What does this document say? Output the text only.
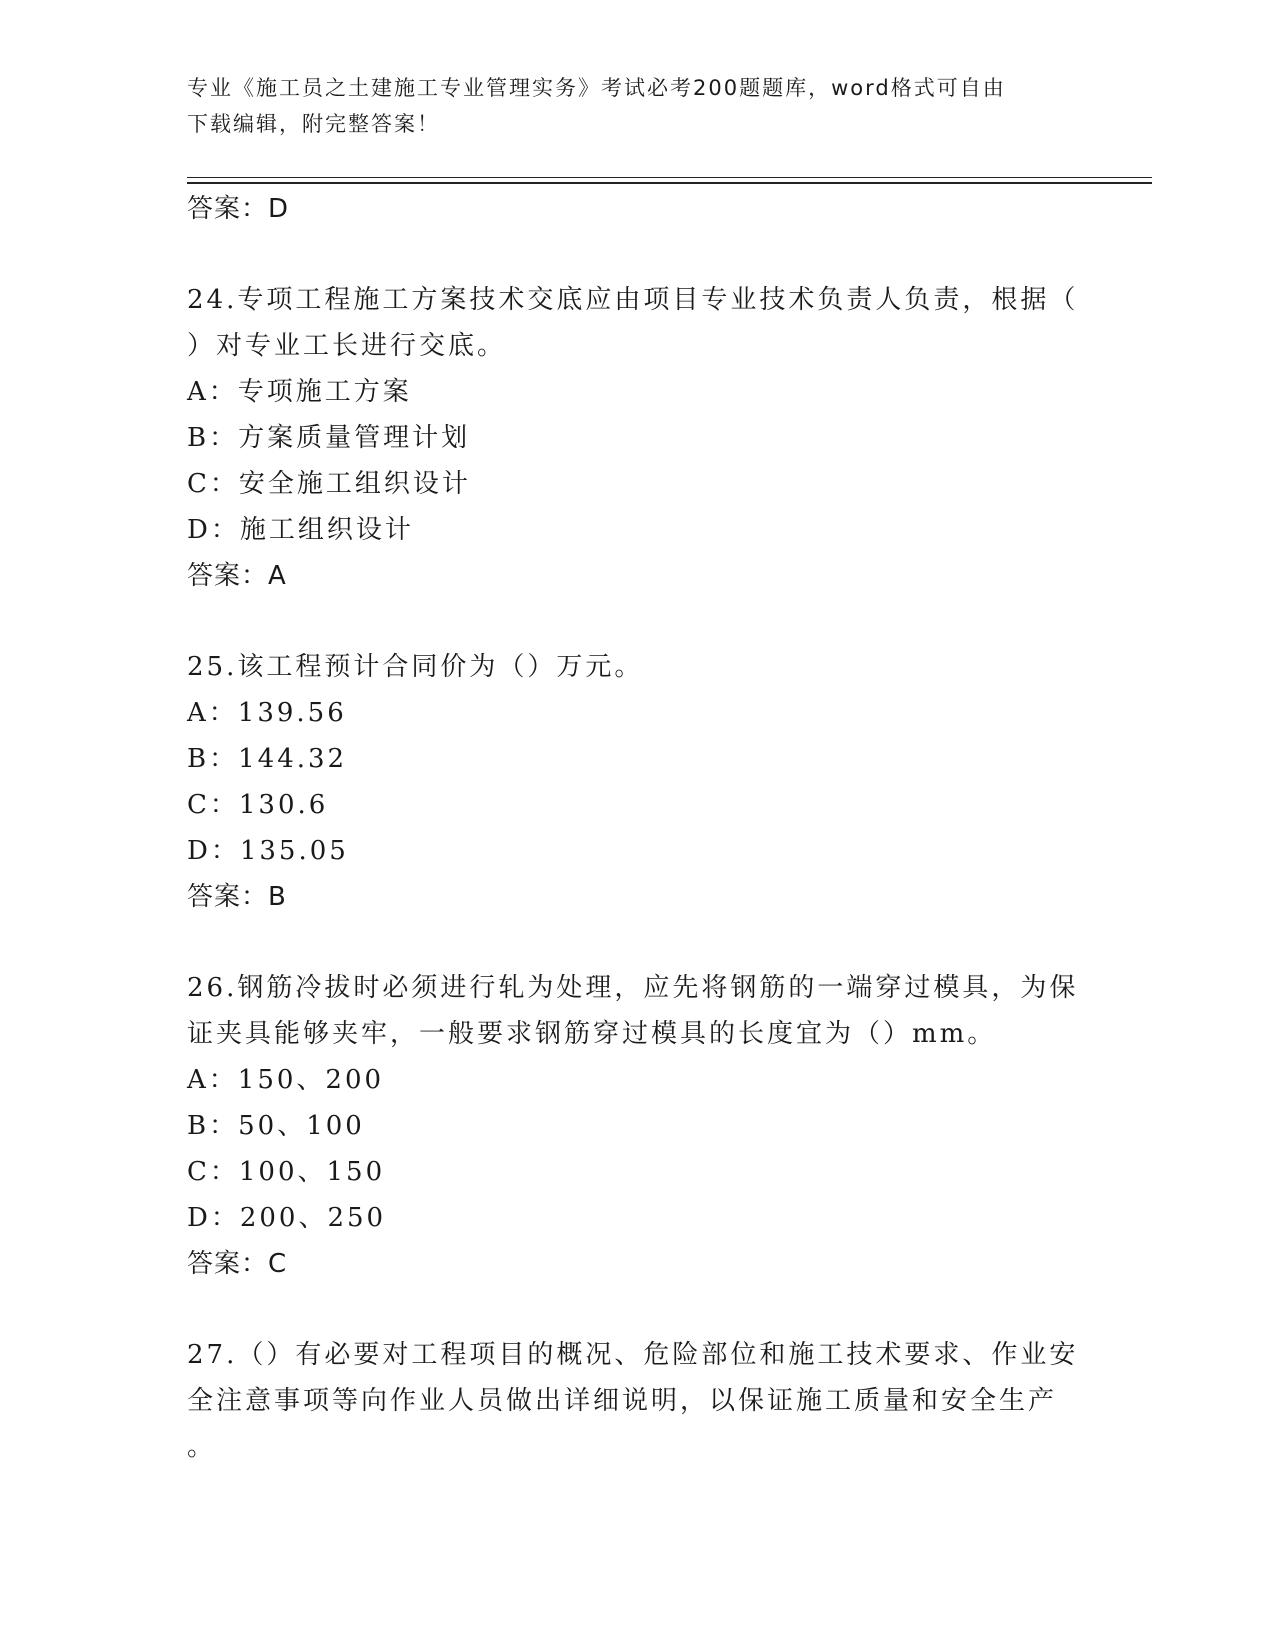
专业《施工员之土建施工专业管理实务》考试必考200题题库，word格式可自由
下载编辑，附完整答案！
答案：D
24.专项工程施工方案技术交底应由项目专业技术负责人负责，根据（
）对专业工长进行交底。
A：专项施工方案
B：方案质量管理计划
C：安全施工组织设计
D：施工组织设计
答案：A
25.该工程预计合同价为（）万元。
A：139.56
B：144.32
C：130.6
D：135.05
答案：B
26.钢筋冷拔时必须进行轧为处理，应先将钢筋的一端穿过模具，为保
证夹具能够夹牢，一般要求钢筋穿过模具的长度宜为（）mm。
A：150、200
B：50、100
C：100、150
D：200、250
答案：C
27.（）有必要对工程项目的概况、危险部位和施工技术要求、作业安
全注意事项等向作业人员做出详细说明，以保证施工质量和安全生产
。
